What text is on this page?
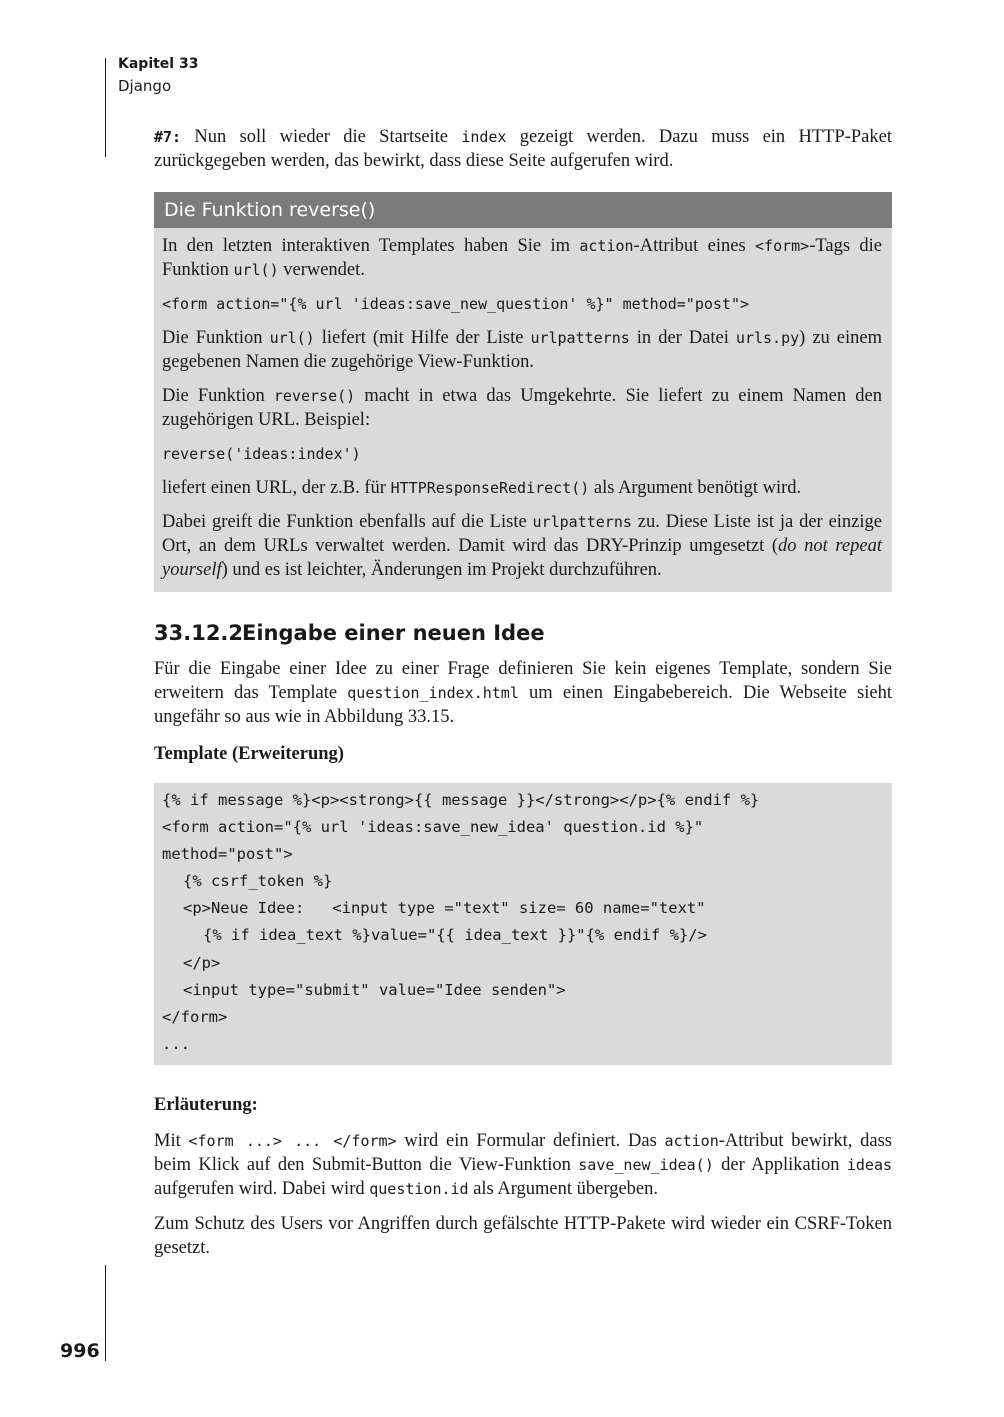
Kapitel 33
Django

#7: Nun soll wieder die Startseite index gezeigt werden. Dazu muss ein HTTP-Paket zurückgegeben werden, das bewirkt, dass diese Seite aufgerufen wird.

Die Funktion reverse()

In den letzten interaktiven Templates haben Sie im action-Attribut eines <form>-Tags die Funktion url() verwendet.

<form action="{% url 'ideas:save_new_question' %}" method="post">

Die Funktion url() liefert (mit Hilfe der Liste urlpatterns in der Datei urls.py) zu einem gegebenen Namen die zugehörige View-Funktion.

Die Funktion reverse() macht in etwa das Umgekehrte. Sie liefert zu einem Namen den zugehörigen URL. Beispiel:

reverse('ideas:index')

liefert einen URL, der z.B. für HTTPResponseRedirect() als Argument benötigt wird.

Dabei greift die Funktion ebenfalls auf die Liste urlpatterns zu. Diese Liste ist ja der einzige Ort, an dem URLs verwaltet werden. Damit wird das DRY-Prinzip umgesetzt (do not repeat yourself) und es ist leichter, Änderungen im Projekt durchzuführen.

33.12.2Eingabe einer neuen Idee

Für die Eingabe einer Idee zu einer Frage definieren Sie kein eigenes Template, sondern Sie erweitern das Template question_index.html um einen Eingabebereich. Die Webseite sieht ungefähr so aus wie in Abbildung 33.15.

Template (Erweiterung)

{% if message %}<p><strong>{{ message }}</strong></p>{% endif %}
<form action="{% url 'ideas:save_new_idea' question.id %}"
method="post">
{% csrf_token %}
<p>Neue Idee:   <input type ="text" size= 60 name="text"
{% if idea_text %}value="{{ idea_text }}"{% endif %}/>
</p>
<input type="submit" value="Idee senden">
</form>
...

Erläuterung:

Mit <form ...> ... </form> wird ein Formular definiert. Das action-Attribut bewirkt, dass beim Klick auf den Submit-Button die View-Funktion save_new_idea() der Applikation ideas aufgerufen wird. Dabei wird question.id als Argument übergeben.

Zum Schutz des Users vor Angriffen durch gefälschte HTTP-Pakete wird wieder ein CSRF-Token gesetzt.

996
